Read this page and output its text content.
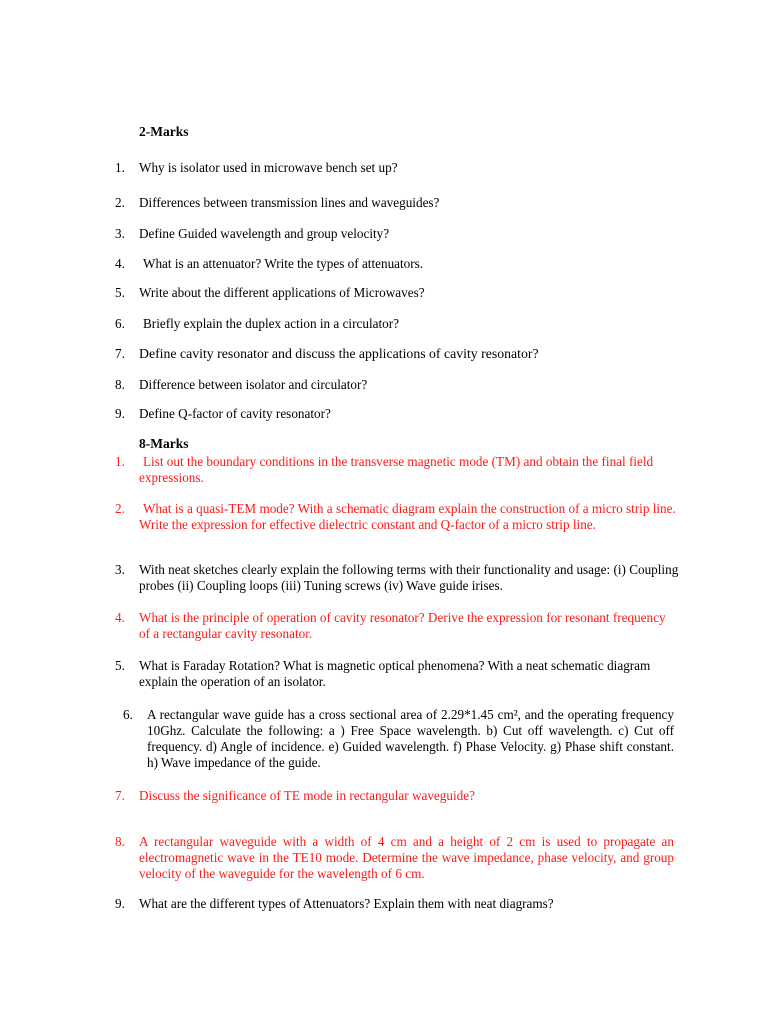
2-Marks
1. Why is isolator used in microwave bench set up?
2. Differences between transmission lines and waveguides?
3. Define Guided wavelength and group velocity?
4. What is an attenuator? Write the types of attenuators.
5. Write about the different applications of Microwaves?
6. Briefly explain the duplex action in a circulator?
7. Define cavity resonator and discuss the applications of cavity resonator?
8. Difference between isolator and circulator?
9. Define Q-factor of cavity resonator?
8-Marks
1.	List out the boundary conditions in the transverse magnetic mode (TM) and obtain the final field expressions.
2.	What is a quasi-TEM mode? With a schematic diagram explain the construction of a micro strip line. Write the expression for effective dielectric constant and Q-factor of a micro strip line.
3. With neat sketches clearly explain the following terms with their functionality and usage: (i) Coupling probes (ii) Coupling loops (iii) Tuning screws (iv) Wave guide irises.
4. What is the principle of operation of cavity resonator? Derive the expression for resonant frequency of a rectangular cavity resonator.
5. What is Faraday Rotation? What is magnetic optical phenomena? With a neat schematic diagram explain the operation of an isolator.
6. A rectangular wave guide has a cross sectional area of 2.29*1.45 cm², and the operating frequency 10Ghz. Calculate the following: a ) Free Space wavelength. b) Cut off wavelength. c) Cut off frequency. d) Angle of incidence. e) Guided wavelength. f) Phase Velocity. g) Phase shift constant. h) Wave impedance of the guide.
7. Discuss the significance of TE mode in rectangular waveguide?
8. A rectangular waveguide with a width of 4 cm and a height of 2 cm is used to propagate an electromagnetic wave in the TE10 mode. Determine the wave impedance, phase velocity, and group velocity of the waveguide for the wavelength of 6 cm.
9. What are the different types of Attenuators? Explain them with neat diagrams?
